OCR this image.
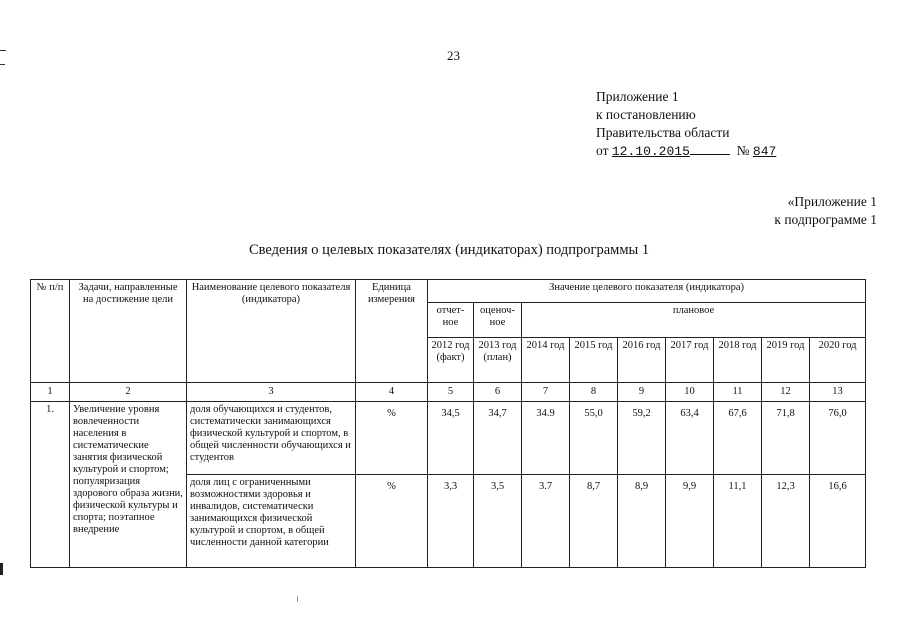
23
Приложение 1
к постановлению
Правительства области
от 12.10.2015	№ 847
«Приложение 1
к подпрограмме 1
Сведения о целевых показателях (индикаторах) подпрограммы 1
№ п/п	Задачи, направленные на достижение цели	Наименование целевого показателя (индикатора)	Единица измерения	Значение целевого показателя (индикатора)								
				отчет-ное	оценоч-ное	плановое						
				2012 год (факт)	2013 год (план)	2014 год	2015 год	2016 год	2017 год	2018 год	2019 год	2020 год
1	2	3	4	5	6	7	8	9	10	11	12	13
1.	Увеличение уровня вовлеченности населения в систематические занятия физической культурой и спортом; популяризация здорового образа жизни, физической культуры и спорта; поэтапное внедрение	доля обучающихся и студентов, систематически занимающихся физической культурой и спортом, в общей численности обучающихся и студентов	%	34,5	34,7	34.9	55,0	59,2	63,4	67,6	71,8	76,0
		доля лиц с ограниченными возможностями здоровья и инвалидов, систематически занимающихся физической культурой и спортом, в общей численности данной категории	%	3,3	3,5	3.7	8,7	8,9	9,9	11,1	12,3	16,6
